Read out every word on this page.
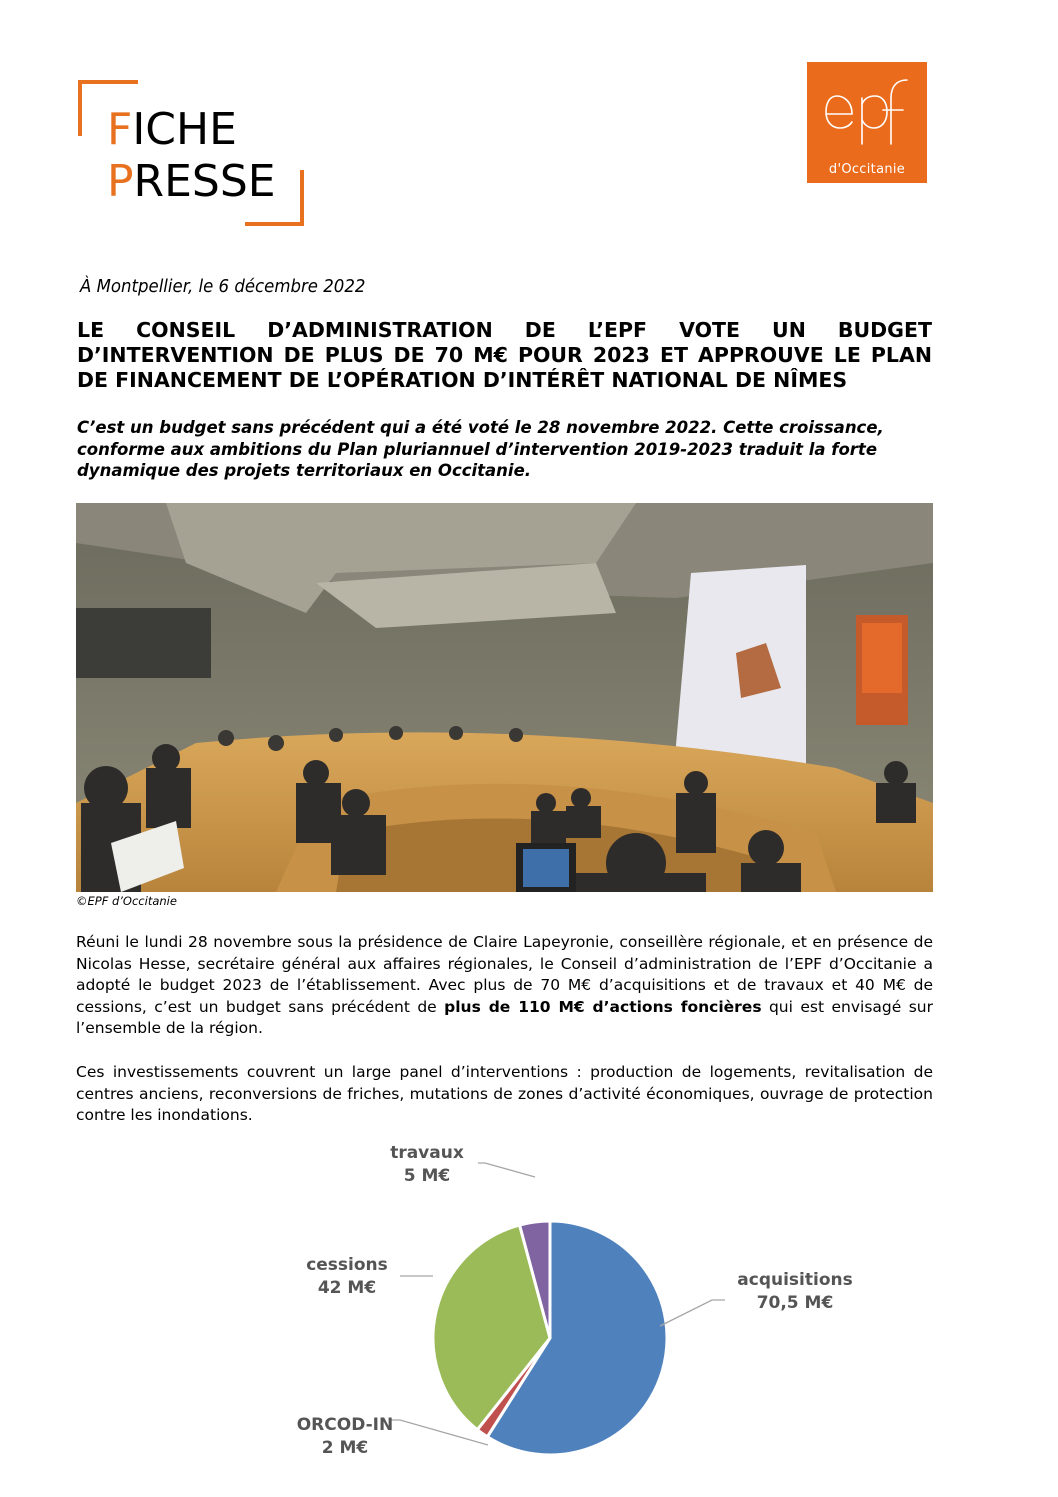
FICHE
PRESSE	d'Occitanie
À Montpellier, le 6 décembre 2022
LE CONSEIL D’ADMINISTRATION DE L’EPF VOTE UN BUDGET
D’INTERVENTION DE PLUS DE 70 M€ POUR 2023 ET APPROUVE LE PLAN DE FINANCEMENT DE L’OPÉRATION D’INTÉRÊT NATIONAL DE NÎMES
C’est un budget sans précédent qui a été voté le 28 novembre 2022. Cette croissance,
conforme aux ambitions du Plan pluriannuel d’intervention 2019-2023 traduit la forte
dynamique des projets territoriaux en Occitanie.
©EPF d’Occitanie
Réuni le lundi 28 novembre sous la présidence de Claire Lapeyronie, conseillère régionale, et en présence de Nicolas Hesse, secrétaire général aux affaires régionales, le Conseil d’administration de l’EPF d’Occitanie a adopté le budget 2023 de l’établissement. Avec plus de 70 M€ d’acquisitions et de travaux et 40 M€ de cessions, c’est un budget sans précédent de plus de 110 M€ d’actions foncières qui est envisagé sur l’ensemble de la région.
Ces investissements couvrent un large panel d’interventions : production de logements, revitalisation de centres anciens, reconversions de friches, mutations de zones d’activité économiques, ouvrage de protection contre les inondations.
acquisitions
70,5 M€
ORCOD-IN
2 M€
cessions
42 M€
travaux
5 M€
